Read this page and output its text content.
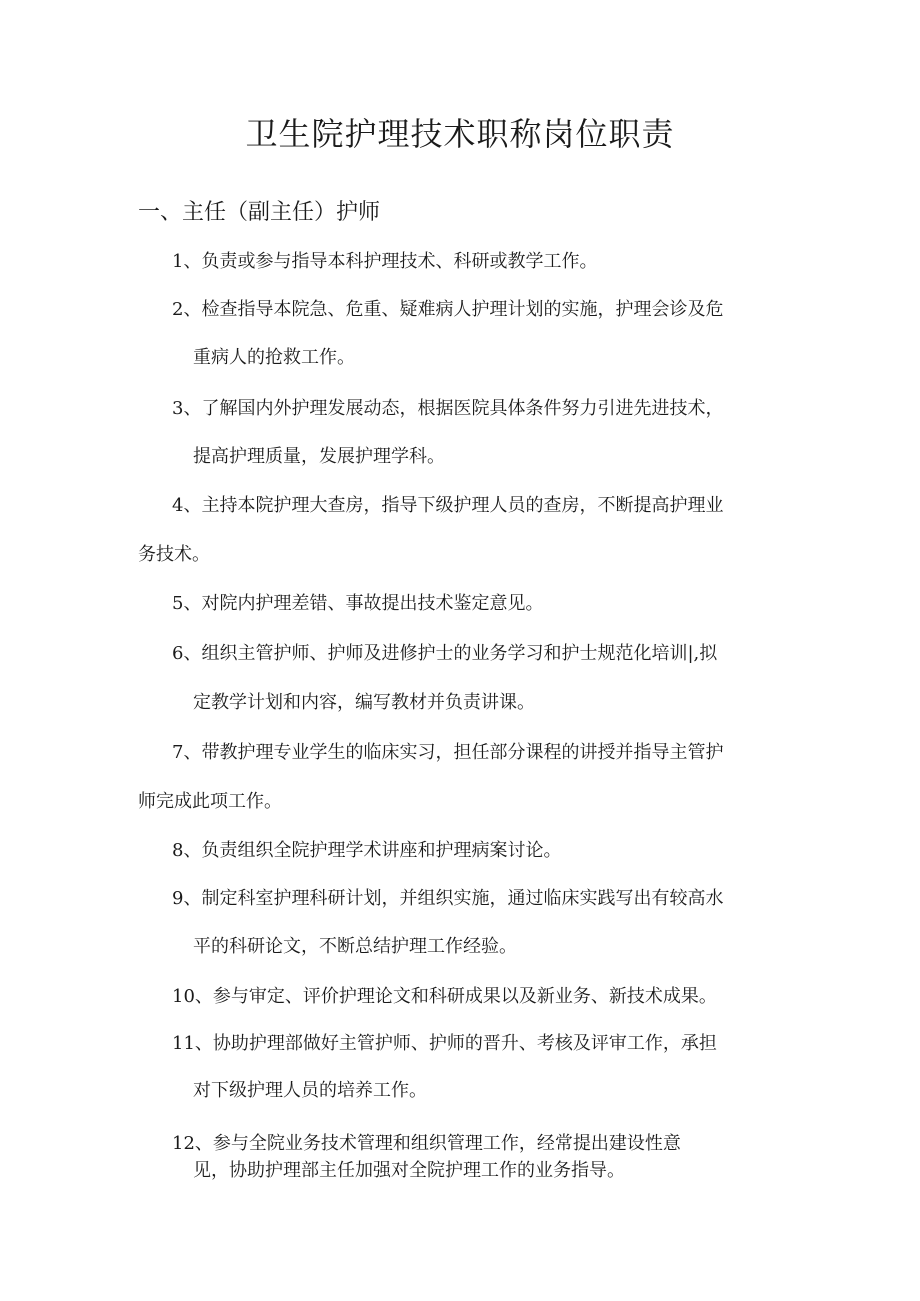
卫生院护理技术职称岗位职责
一、主任（副主任）护师

1、负责或参与指导本科护理技术、科研或教学工作。

2、检查指导本院急、危重、疑难病人护理计划的实施，护理会诊及危

重病人的抢救工作。

3、了解国内外护理发展动态，根据医院具体条件努力引进先进技术，

提高护理质量，发展护理学科。

4、主持本院护理大查房，指导下级护理人员的查房，不断提高护理业

务技术。

5、对院内护理差错、事故提出技术鉴定意见。

6、组织主管护师、护师及进修护士的业务学习和护士规范化培训|,拟

定教学计划和内容，编写教材并负责讲课。

7、带教护理专业学生的临床实习，担任部分课程的讲授并指导主管护

师完成此项工作。

8、负责组织全院护理学术讲座和护理病案讨论。

9、制定科室护理科研计划，并组织实施，通过临床实践写出有较高水

平的科研论文，不断总结护理工作经验。

10、参与审定、评价护理论文和科研成果以及新业务、新技术成果。

11、协助护理部做好主管护师、护师的晋升、考核及评审工作，承担

对下级护理人员的培养工作。

12、参与全院业务技术管理和组织管理工作，经常提出建设性意

见，协助护理部主任加强对全院护理工作的业务指导。
